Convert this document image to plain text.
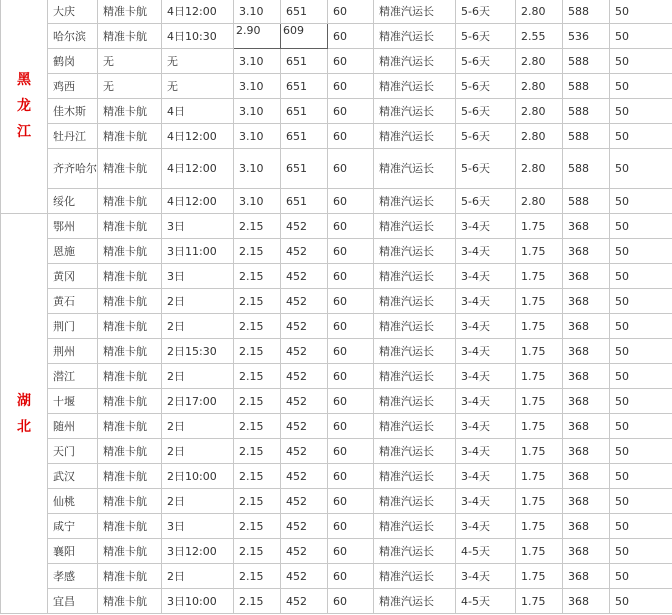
黑
龙
江	大庆	精准卡航	4日12:00	3.10	651	60	精准汽运长	5-6天	2.80	588	50
	哈尔滨	精准卡航	4日10:30	2.90	609	60	精准汽运长	5-6天	2.55	536	50
	鹤岗	无	无	3.10	651	60	精准汽运长	5-6天	2.80	588	50
	鸡西	无	无	3.10	651	60	精准汽运长	5-6天	2.80	588	50
	佳木斯	精准卡航	4日	3.10	651	60	精准汽运长	5-6天	2.80	588	50
	牡丹江	精准卡航	4日12:00	3.10	651	60	精准汽运长	5-6天	2.80	588	50
	齐齐哈尔	精准卡航	4日12:00	3.10	651	60	精准汽运长	5-6天	2.80	588	50
	绥化	精准卡航	4日12:00	3.10	651	60	精准汽运长	5-6天	2.80	588	50

湖
北	鄂州	精准卡航	3日	2.15	452	60	精准汽运长	3-4天	1.75	368	50
	恩施	精准卡航	3日11:00	2.15	452	60	精准汽运长	3-4天	1.75	368	50
	黄冈	精准卡航	3日	2.15	452	60	精准汽运长	3-4天	1.75	368	50
	黄石	精准卡航	2日	2.15	452	60	精准汽运长	3-4天	1.75	368	50
	荆门	精准卡航	2日	2.15	452	60	精准汽运长	3-4天	1.75	368	50
	荆州	精准卡航	2日15:30	2.15	452	60	精准汽运长	3-4天	1.75	368	50
	潜江	精准卡航	2日	2.15	452	60	精准汽运长	3-4天	1.75	368	50
	十堰	精准卡航	2日17:00	2.15	452	60	精准汽运长	3-4天	1.75	368	50
	随州	精准卡航	2日	2.15	452	60	精准汽运长	3-4天	1.75	368	50
	天门	精准卡航	2日	2.15	452	60	精准汽运长	3-4天	1.75	368	50
	武汉	精准卡航	2日10:00	2.15	452	60	精准汽运长	3-4天	1.75	368	50
	仙桃	精准卡航	2日	2.15	452	60	精准汽运长	3-4天	1.75	368	50
	咸宁	精准卡航	3日	2.15	452	60	精准汽运长	3-4天	1.75	368	50
	襄阳	精准卡航	3日12:00	2.15	452	60	精准汽运长	4-5天	1.75	368	50
	孝感	精准卡航	2日	2.15	452	60	精准汽运长	3-4天	1.75	368	50
	宜昌	精准卡航	3日10:00	2.15	452	60	精准汽运长	4-5天	1.75	368	50
